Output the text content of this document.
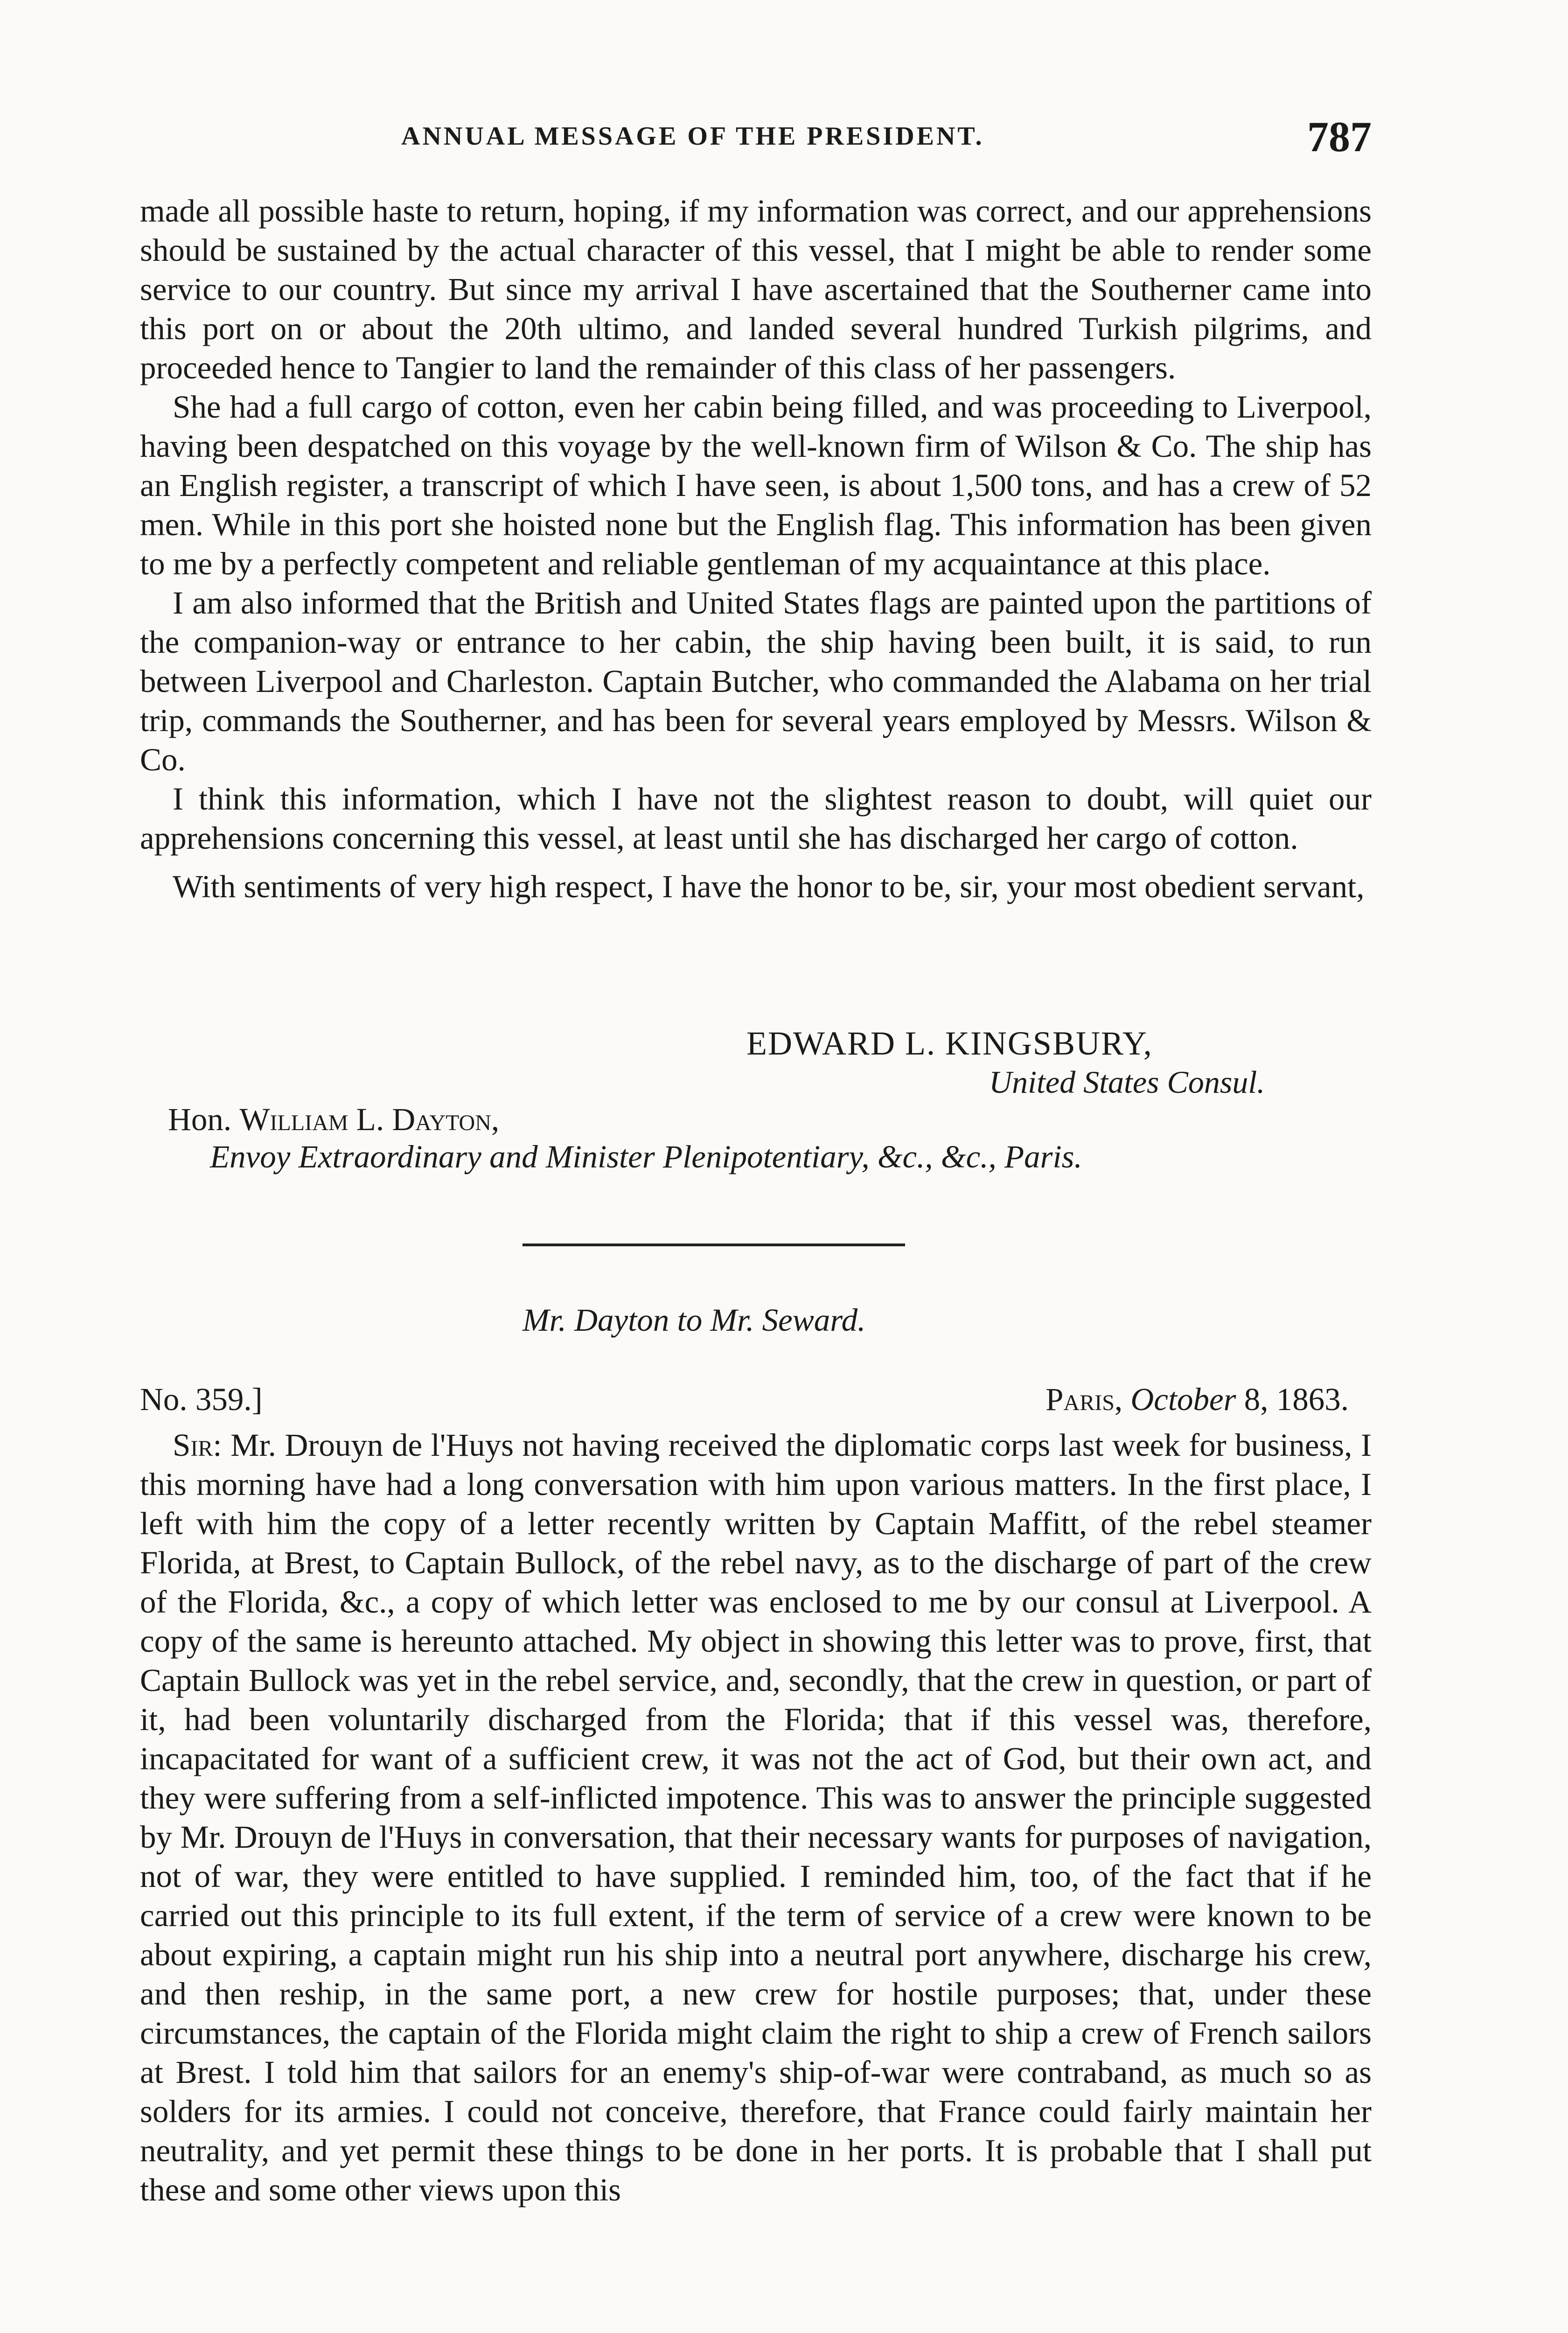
ANNUAL MESSAGE OF THE PRESIDENT.	787

made all possible haste to return, hoping, if my information was correct, and our apprehensions should be sustained by the actual character of this vessel, that I might be able to render some service to our country. But since my arrival I have ascertained that the Southerner came into this port on or about the 20th ultimo, and landed several hundred Turkish pilgrims, and proceeded hence to Tangier to land the remainder of this class of her passengers.

She had a full cargo of cotton, even her cabin being filled, and was proceeding to Liverpool, having been despatched on this voyage by the well-known firm of Wilson & Co. The ship has an English register, a transcript of which I have seen, is about 1,500 tons, and has a crew of 52 men. While in this port she hoisted none but the English flag. This information has been given to me by a perfectly competent and reliable gentleman of my acquaintance at this place.

I am also informed that the British and United States flags are painted upon the partitions of the companion-way or entrance to her cabin, the ship having been built, it is said, to run between Liverpool and Charleston. Captain Butcher, who commanded the Alabama on her trial trip, commands the Southerner, and has been for several years employed by Messrs. Wilson & Co.

I think this information, which I have not the slightest reason to doubt, will quiet our apprehensions concerning this vessel, at least until she has discharged her cargo of cotton.

With sentiments of very high respect, I have the honor to be, sir, your most obedient servant,

EDWARD L. KINGSBURY,
United States Consul.
Hon. William L. Dayton,
Envoy Extraordinary and Minister Plenipotentiary, &c., &c., Paris.
Mr. Dayton to Mr. Seward.
No. 359.]	Paris, October 8, 1863.

Sir: Mr. Drouyn de l'Huys not having received the diplomatic corps last week for business, I this morning have had a long conversation with him upon various matters. In the first place, I left with him the copy of a letter recently written by Captain Maffitt, of the rebel steamer Florida, at Brest, to Captain Bullock, of the rebel navy, as to the discharge of part of the crew of the Florida, &c., a copy of which letter was enclosed to me by our consul at Liverpool. A copy of the same is hereunto attached. My object in showing this letter was to prove, first, that Captain Bullock was yet in the rebel service, and, secondly, that the crew in question, or part of it, had been voluntarily discharged from the Florida; that if this vessel was, therefore, incapacitated for want of a sufficient crew, it was not the act of God, but their own act, and they were suffering from a self-inflicted impotence. This was to answer the principle suggested by Mr. Drouyn de l'Huys in conversation, that their necessary wants for purposes of navigation, not of war, they were entitled to have supplied. I reminded him, too, of the fact that if he carried out this principle to its full extent, if the term of service of a crew were known to be about expiring, a captain might run his ship into a neutral port anywhere, discharge his crew, and then reship, in the same port, a new crew for hostile purposes; that, under these circumstances, the captain of the Florida might claim the right to ship a crew of French sailors at Brest. I told him that sailors for an enemy's ship-of-war were contraband, as much so as solders for its armies. I could not conceive, therefore, that France could fairly maintain her neutrality, and yet permit these things to be done in her ports. It is probable that I shall put these and some other views upon this
